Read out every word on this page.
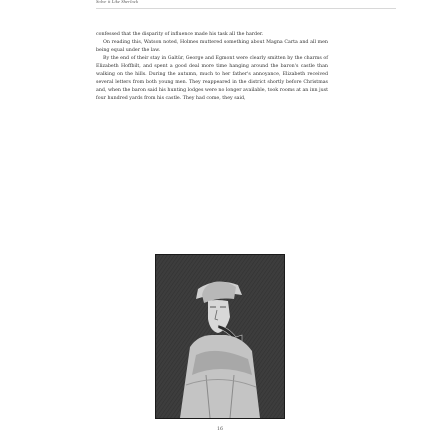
Solve it Like Sherlock

confessed that the disparity of influence made his task all the harder.

On reading this, Watson noted, Holmes muttered something about Magna Carta and all men being equal under the law.

By the end of their stay in Galtür, George and Egmont were clearly smitten by the charms of Elizabeth Hoffbilt, and spent a good deal more time hanging around the baron's castle than walking on the hills. During the autumn, much to her father's annoyance, Elizabeth received several letters from both young men. They reappeared in the district shortly before Christmas and, when the baron said his hunting lodges were no longer available, took rooms at an inn just four hundred yards from his castle. They had come, they said,

16
